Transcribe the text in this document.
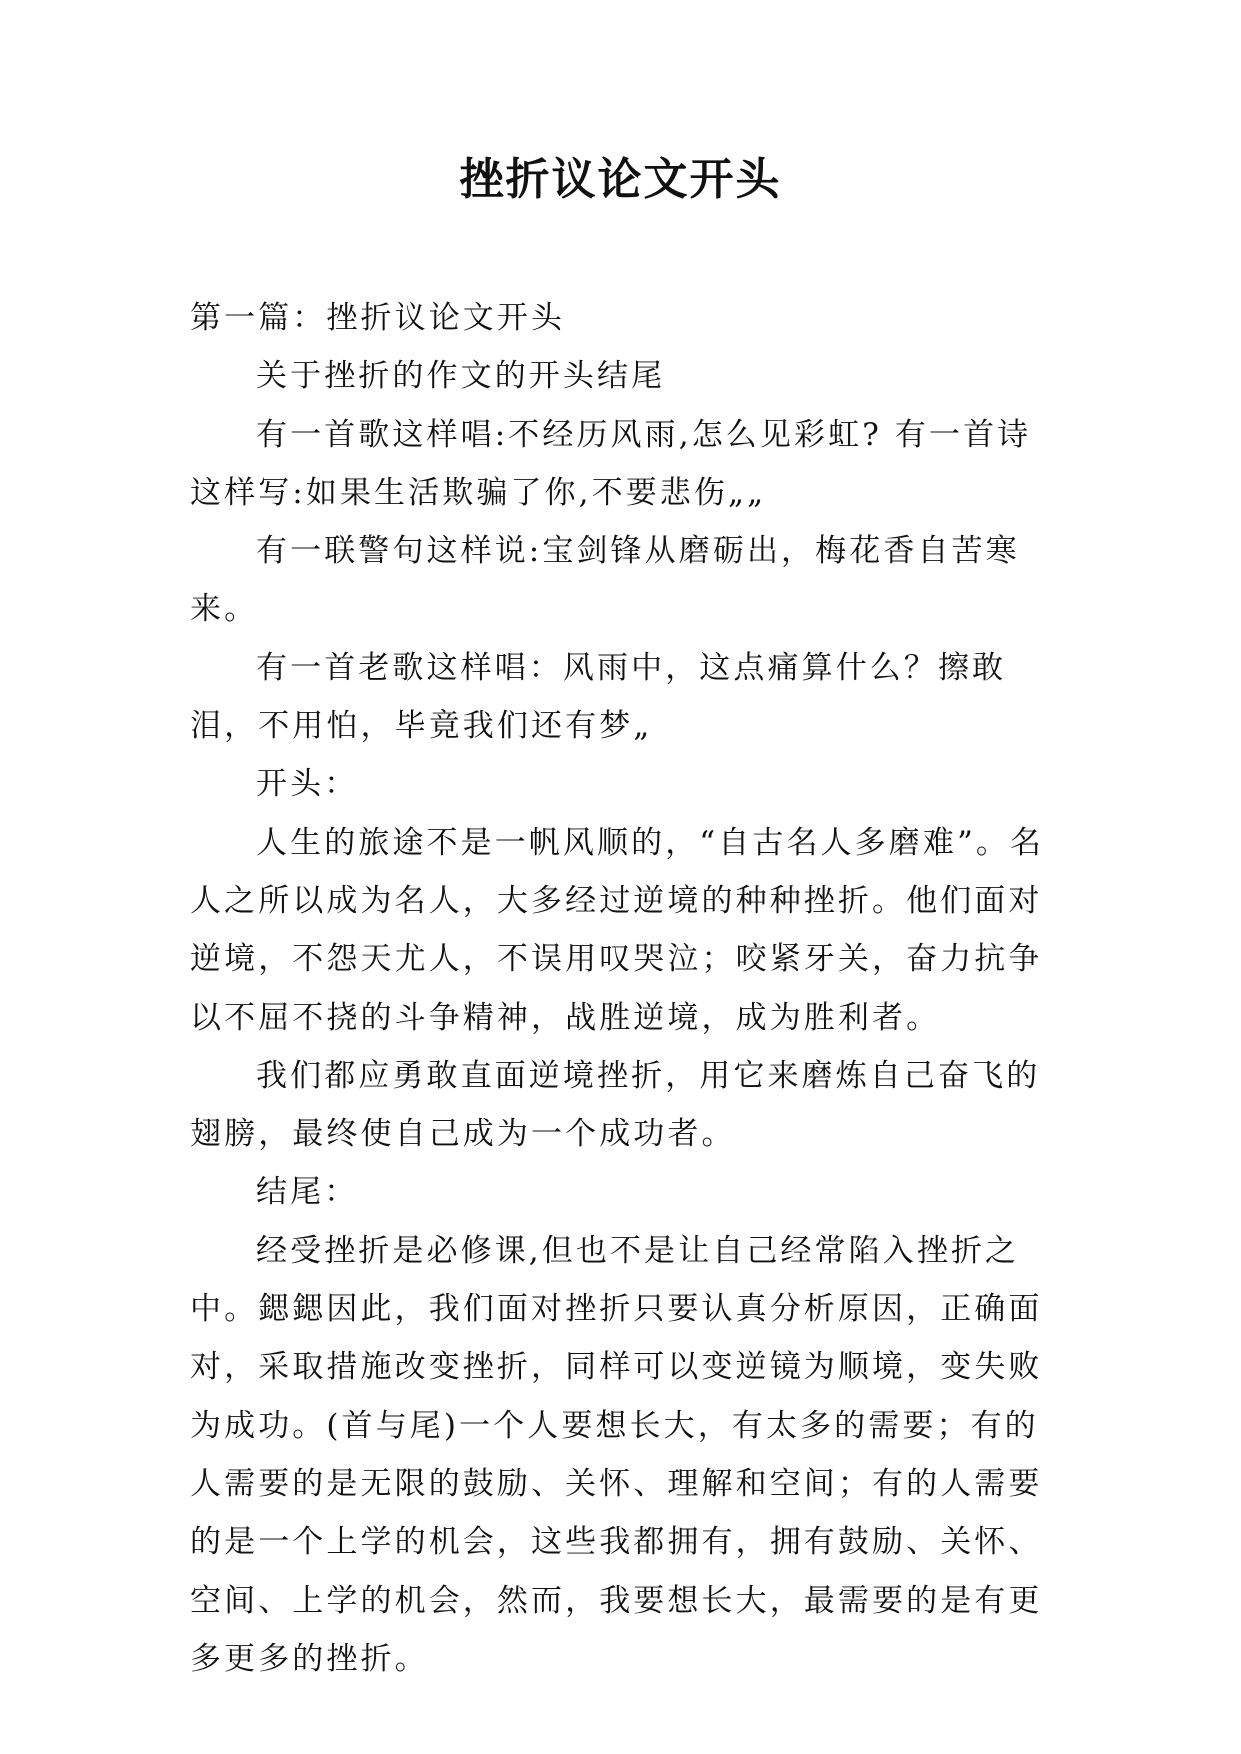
挫折议论文开头

第一篇：挫折议论文开头

关于挫折的作文的开头结尾

有一首歌这样唱:不经历风雨,怎么见彩虹? 有一首诗这样写:如果生活欺骗了你,不要悲伤„„

有一联警句这样说:宝剑锋从磨砺出，梅花香自苦寒来。

有一首老歌这样唱：风雨中，这点痛算什么？擦敢泪，不用怕，毕竟我们还有梦„

开头：

人生的旅途不是一帆风顺的，“自古名人多磨难”。名人之所以成为名人，大多经过逆境的种种挫折。他们面对逆境，不怨天尤人，不误用叹哭泣；咬紧牙关，奋力抗争以不屈不挠的斗争精神，战胜逆境，成为胜利者。

我们都应勇敢直面逆境挫折，用它来磨炼自己奋飞的翅膀，最终使自己成为一个成功者。

结尾：

经受挫折是必修课,但也不是让自己经常陷入挫折之中。鍶鍶因此，我们面对挫折只要认真分析原因，正确面对，采取措施改变挫折，同样可以变逆镜为顺境，变失败为成功。(首与尾)一个人要想长大，有太多的需要；有的人需要的是无限的鼓励、关怀、理解和空间；有的人需要的是一个上学的机会，这些我都拥有，拥有鼓励、关怀、空间、上学的机会，然而，我要想长大，最需要的是有更多更多的挫折。
